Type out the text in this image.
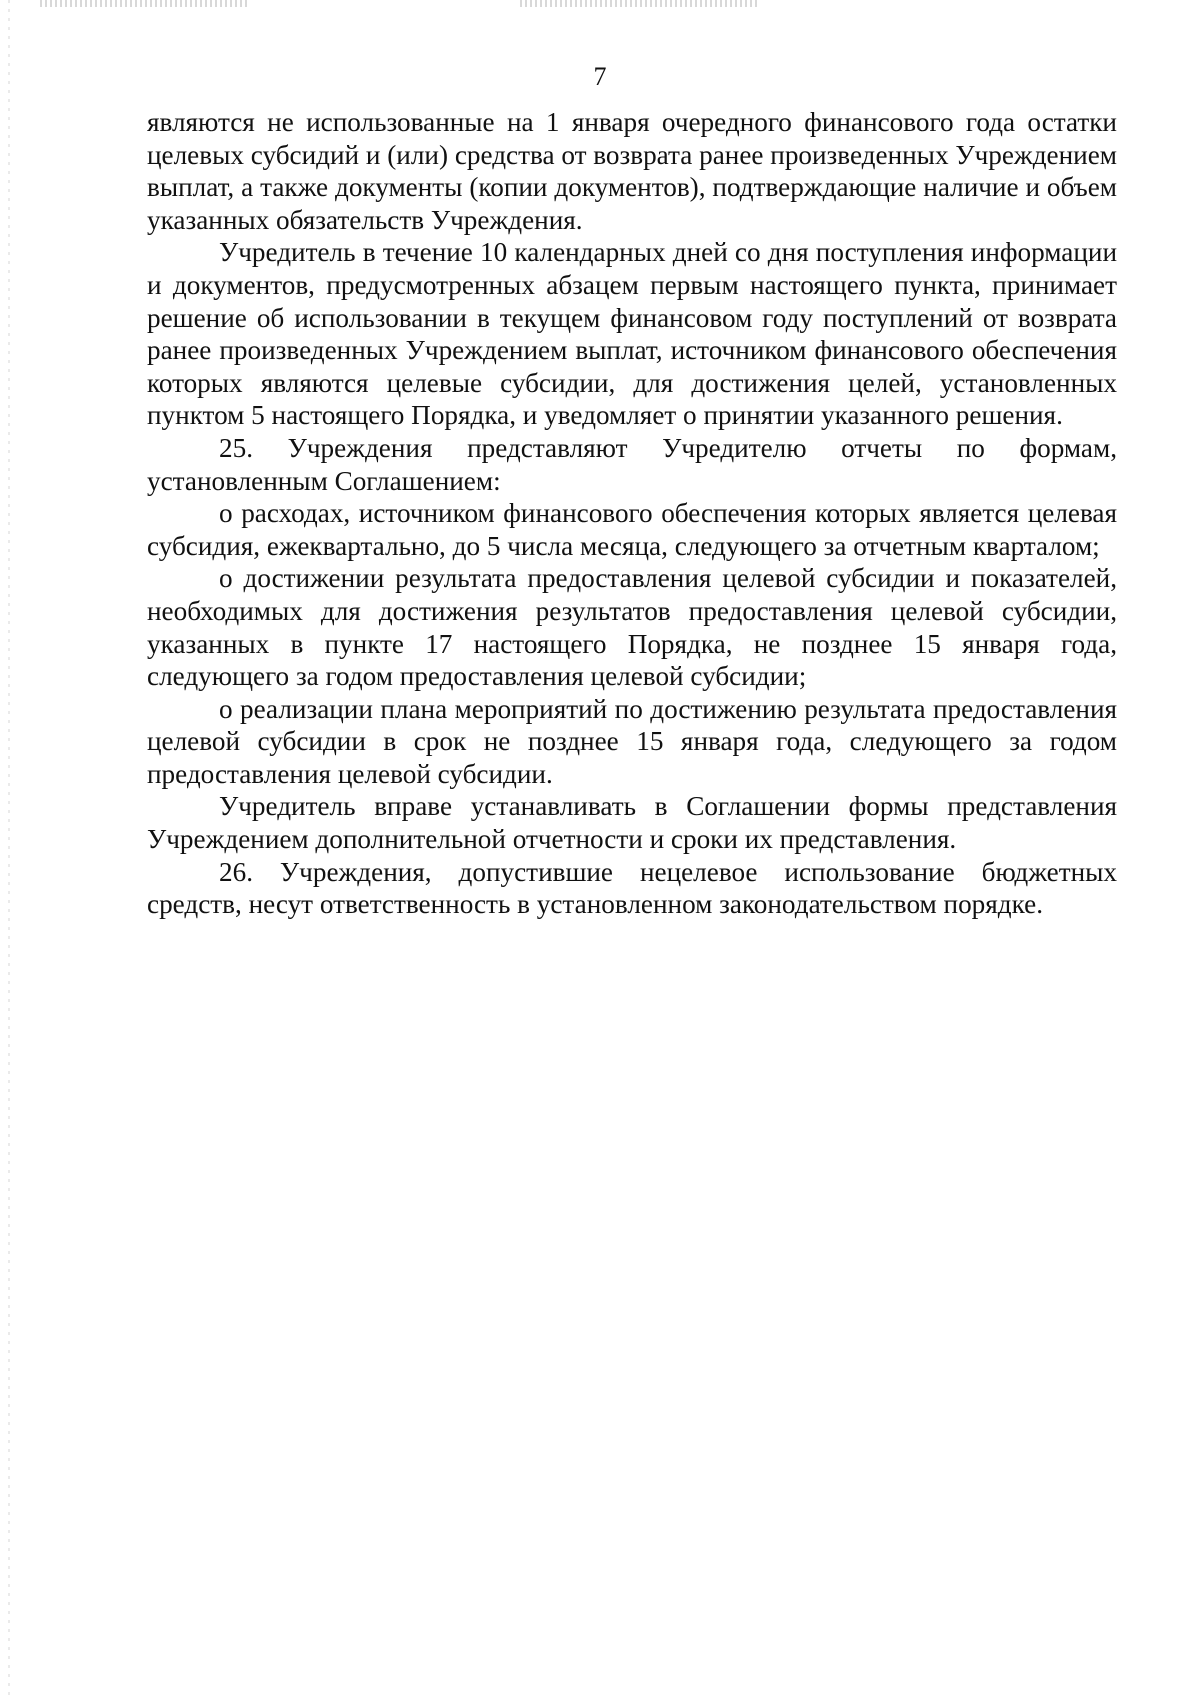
7

являются не использованные на 1 января очередного финансового года остатки целевых субсидий и (или) средства от возврата ранее произведенных Учреждением выплат, а также документы (копии документов), подтверждающие наличие и объем указанных обязательств Учреждения.

Учредитель в течение 10 календарных дней со дня поступления информации и документов, предусмотренных абзацем первым настоящего пункта, принимает решение об использовании в текущем финансовом году поступлений от возврата ранее произведенных Учреждением выплат, источником финансового обеспечения которых являются целевые субсидии, для достижения целей, установленных пунктом 5 настоящего Порядка, и уведомляет о принятии указанного решения.

25. Учреждения представляют Учредителю отчеты по формам, установленным Соглашением:

о расходах, источником финансового обеспечения которых является целевая субсидия, ежеквартально, до 5 числа месяца, следующего за отчетным кварталом;

о достижении результата предоставления целевой субсидии и показателей, необходимых для достижения результатов предоставления целевой субсидии, указанных в пункте 17 настоящего Порядка, не позднее 15 января года, следующего за годом предоставления целевой субсидии;

о реализации плана мероприятий по достижению результата предоставления целевой субсидии в срок не позднее 15 января года, следующего за годом предоставления целевой субсидии.

Учредитель вправе устанавливать в Соглашении формы представления Учреждением дополнительной отчетности и сроки их представления.

26. Учреждения, допустившие нецелевое использование бюджетных средств, несут ответственность в установленном законодательством порядке.
